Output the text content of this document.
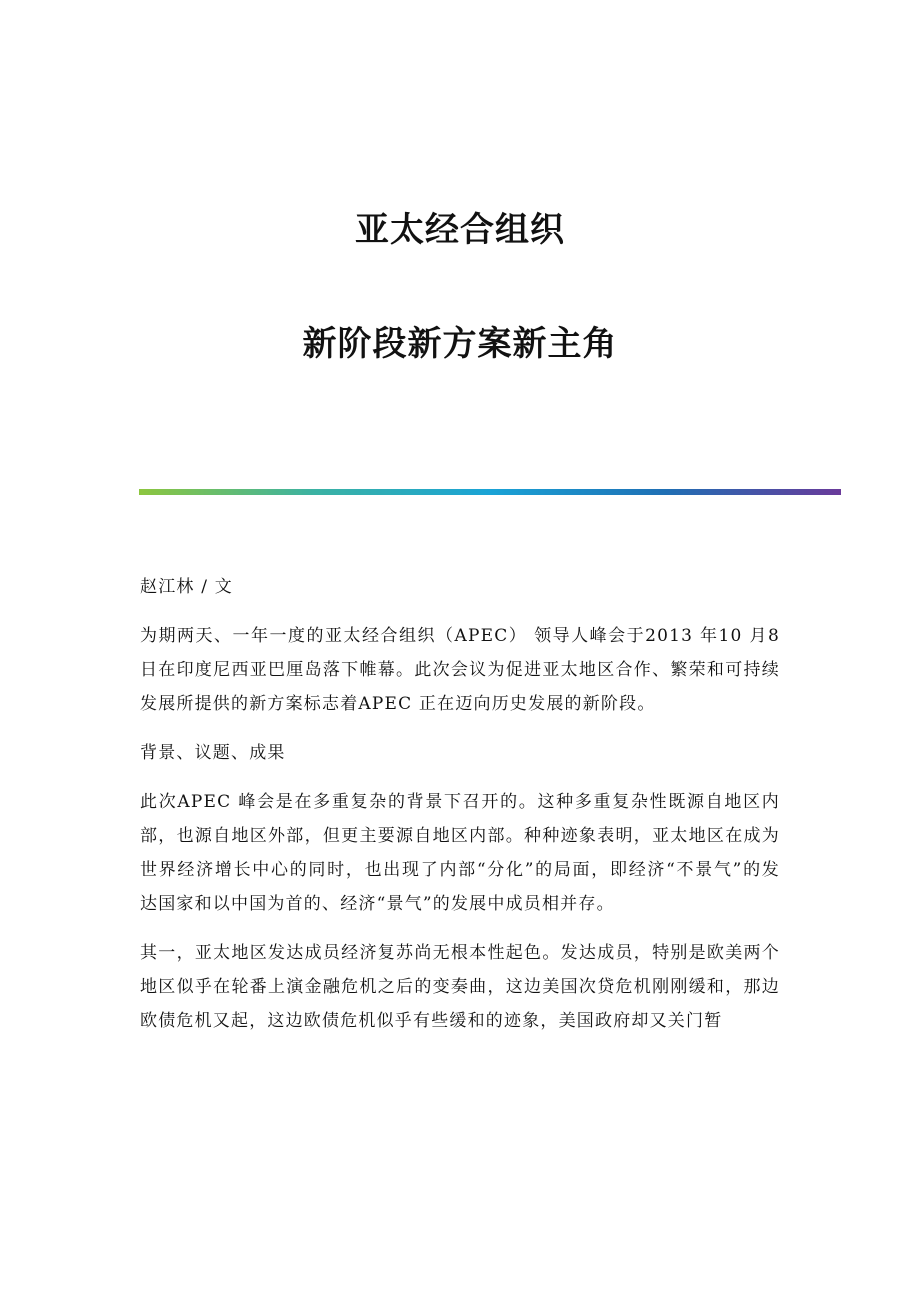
亚太经合组织
新阶段新方案新主角

赵江林 / 文

为期两天、一年一度的亚太经合组织（APEC） 领导人峰会于2013 年10 月8 日在印度尼西亚巴厘岛落下帷幕。此次会议为促进亚太地区合作、繁荣和可持续发展所提供的新方案标志着APEC 正在迈向历史发展的新阶段。

背景、议题、成果

此次APEC 峰会是在多重复杂的背景下召开的。这种多重复杂性既源自地区内部，也源自地区外部，但更主要源自地区内部。种种迹象表明，亚太地区在成为世界经济增长中心的同时，也出现了内部“分化”的局面，即经济“不景气”的发达国家和以中国为首的、经济“景气”的发展中成员相并存。

其一，亚太地区发达成员经济复苏尚无根本性起色。发达成员，特别是欧美两个地区似乎在轮番上演金融危机之后的变奏曲，这边美国次贷危机刚刚缓和，那边欧债危机又起，这边欧债危机似乎有些缓和的迹象，美国政府却又关门暂
